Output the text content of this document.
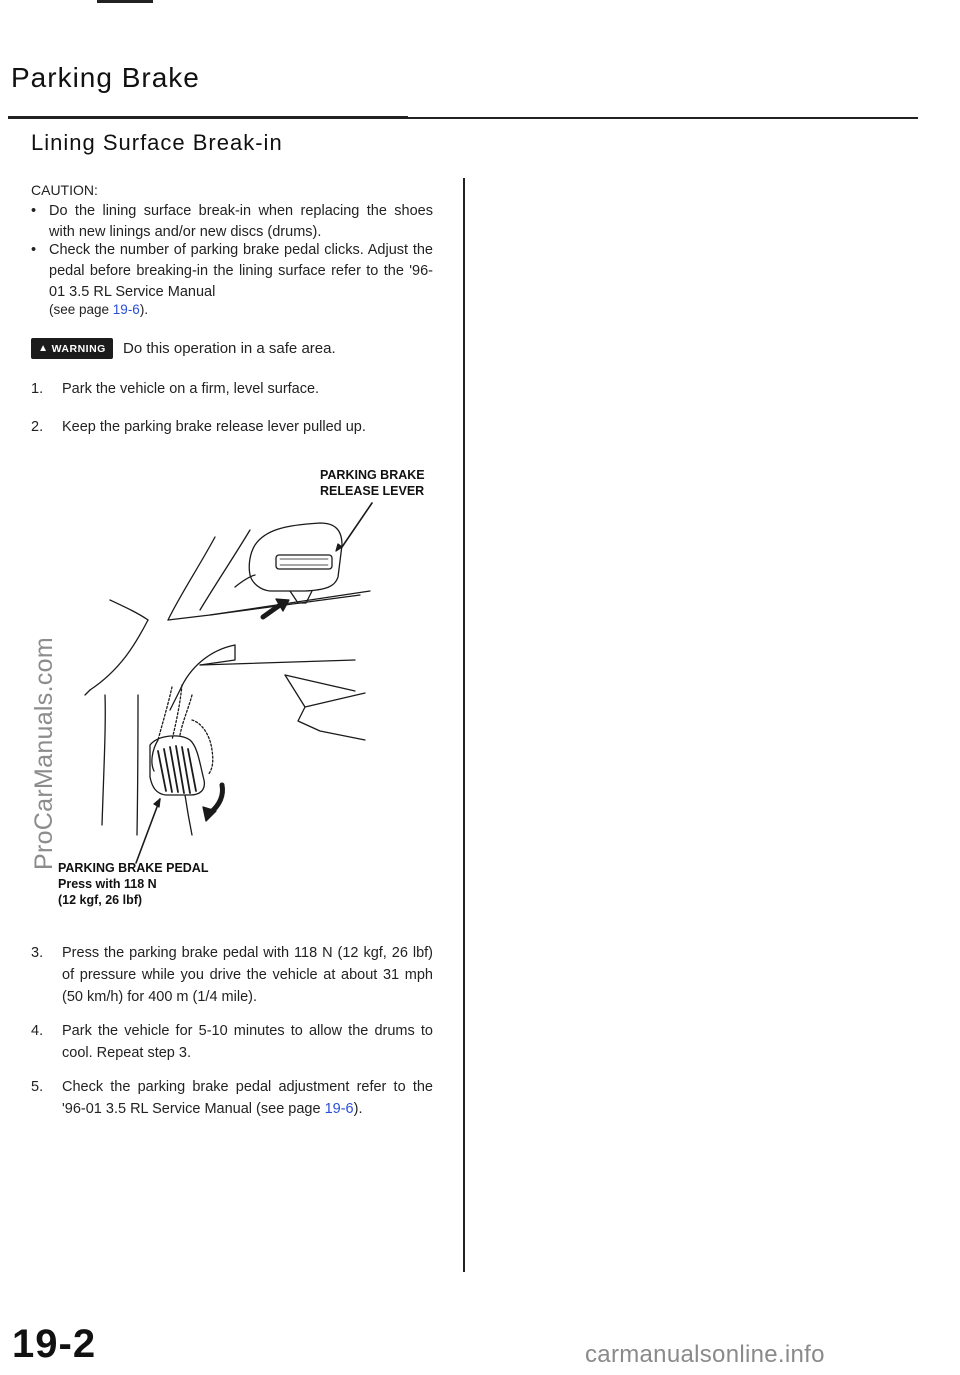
Parking Brake
Lining Surface Break-in
CAUTION:
• Do the lining surface break-in when replacing the shoes with new linings and/or new discs (drums).
• Check the number of parking brake pedal clicks. Adjust the pedal before breaking-in the lining surface refer to the '96-01 3.5 RL Service Manual
(see page 19-6).
▲ WARNING Do this operation in a safe area.
1. Park the vehicle on a firm, level surface.
2. Keep the parking brake release lever pulled up.
PARKING BRAKE
RELEASE LEVER
PARKING BRAKE PEDAL
Press with 118 N
(12 kgf, 26 lbf)
3. Press the parking brake pedal with 118 N (12 kgf, 26 lbf) of pressure while you drive the vehicle at about 31 mph (50 km/h) for 400 m (1/4 mile).
4. Park the vehicle for 5-10 minutes to allow the drums to cool. Repeat step 3.
5. Check the parking brake pedal adjustment refer to the '96-01 3.5 RL Service Manual (see page 19-6).
ProCarManuals.com
19-2	carmanualsonline.info
